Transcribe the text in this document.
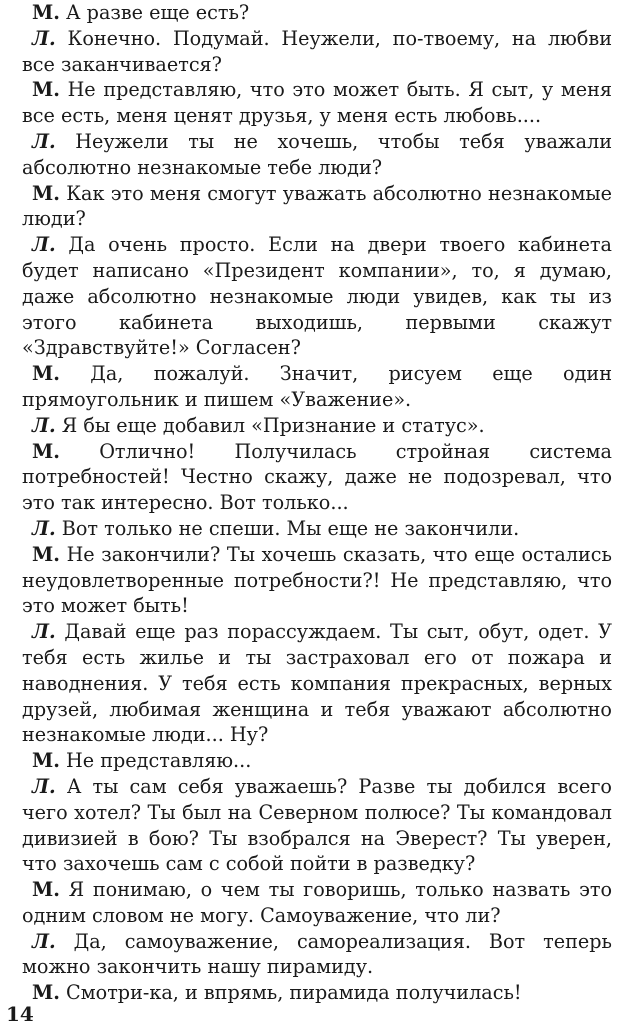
М. А разве еще есть?

Л. Конечно. Подумай. Неужели, по-твоему, на любви все заканчивается?

М. Не представляю, что это может быть. Я сыт, у меня все есть, меня ценят друзья, у меня есть любовь....

Л. Неужели ты не хочешь, чтобы тебя уважали абсолютно незнакомые тебе люди?

М. Как это меня смогут уважать абсолютно незнакомые люди?

Л. Да очень просто. Если на двери твоего кабинета будет написано «Президент компании», то, я думаю, даже абсолютно незнакомые люди увидев, как ты из этого кабинета выходишь, первыми скажут «Здравствуйте!» Согласен?

М. Да, пожалуй. Значит, рисуем еще один прямоугольник и пишем «Уважение».

Л. Я бы еще добавил «Признание и статус».

М. Отлично! Получилась стройная система потребностей! Честно скажу, даже не подозревал, что это так интересно. Вот только...

Л. Вот только не спеши. Мы еще не закончили.

М. Не закончили? Ты хочешь сказать, что еще остались неудовлетворенные потребности?! Не представляю, что это может быть!

Л. Давай еще раз порассуждаем. Ты сыт, обут, одет. У тебя есть жилье и ты застраховал его от пожара и наводнения. У тебя есть компания прекрасных, верных друзей, любимая женщина и тебя уважают абсолютно незнакомые люди... Ну?

М. Не представляю...

Л. А ты сам себя уважаешь? Разве ты добился всего чего хотел? Ты был на Северном полюсе? Ты командовал дивизией в бою? Ты взобрался на Эверест? Ты уверен, что захочешь сам с собой пойти в разведку?

М. Я понимаю, о чем ты говоришь, только назвать это одним словом не могу. Самоуважение, что ли?

Л. Да, самоуважение, самореализация. Вот теперь можно закончить нашу пирамиду.

М. Смотри-ка, и впрямь, пирамида получилась!

14
